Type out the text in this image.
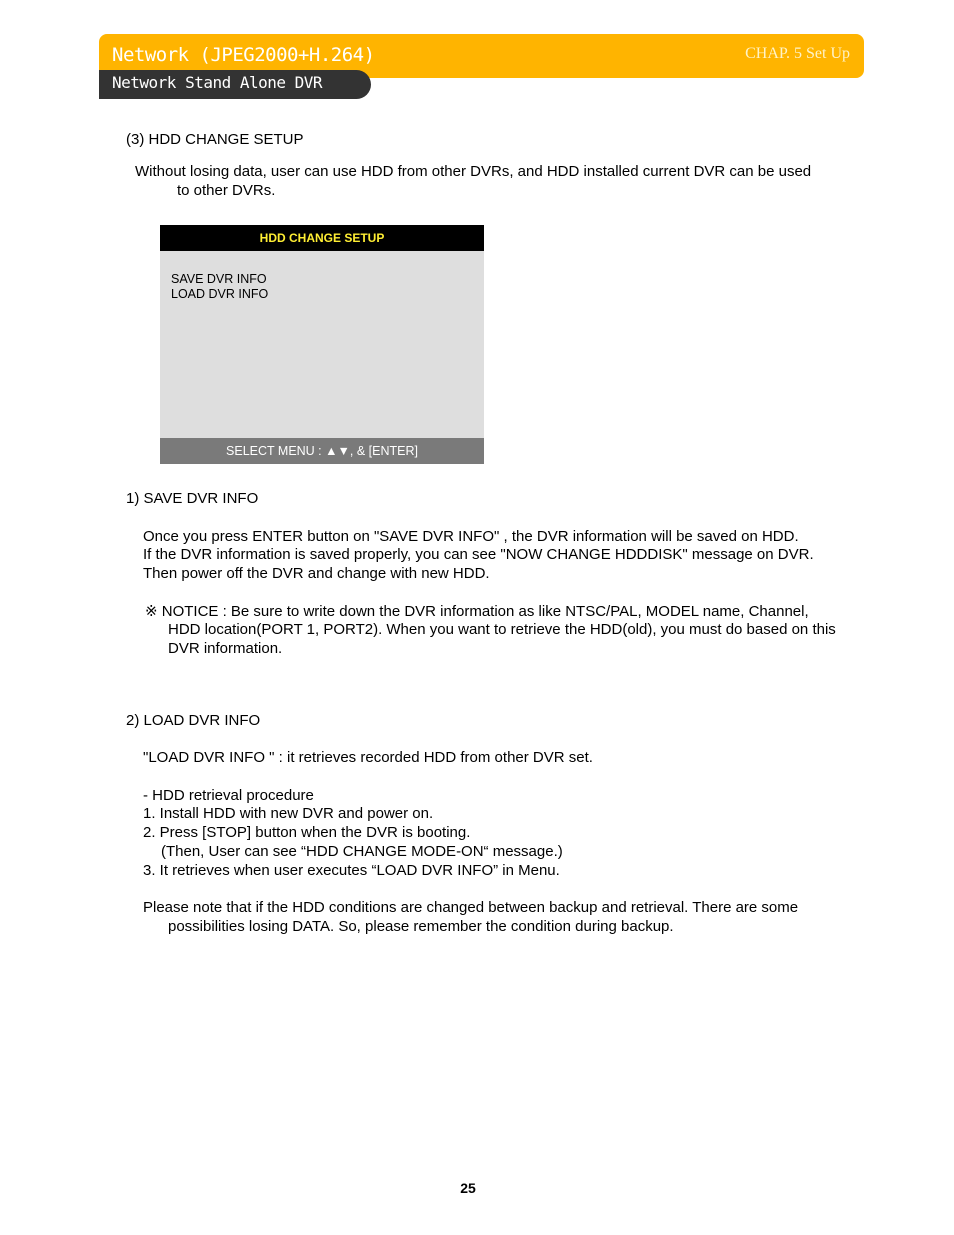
Network (JPEG2000+H.264)	CHAP. 5 Set Up
Network Stand Alone DVR
(3) HDD CHANGE SETUP
Without losing data, user can use HDD from other DVRs, and HDD installed current DVR can be used
to other DVRs.
HDD CHANGE SETUP
SAVE DVR INFO
LOAD DVR INFO
SELECT MENU : ▲▼, & [ENTER]
1) SAVE DVR INFO
Once you press ENTER button on "SAVE DVR INFO" , the DVR information will be saved on HDD.
If the DVR information is saved properly, you can see "NOW CHANGE HDDDISK" message on DVR.
Then power off the DVR and change with new HDD.
※ NOTICE : Be sure to write down the DVR information as like NTSC/PAL, MODEL name, Channel,
HDD location(PORT 1, PORT2). When you want to retrieve the HDD(old), you must do based on this
DVR information.
2) LOAD DVR INFO
"LOAD DVR INFO " : it retrieves recorded HDD from other DVR set.
- HDD retrieval procedure
1. Install HDD with new DVR and power on.
2. Press [STOP] button when the DVR is booting.
(Then, User can see “HDD CHANGE MODE-ON“ message.)
3. It retrieves when user executes “LOAD DVR INFO” in Menu.
Please note that if the HDD conditions are changed between backup and retrieval. There are some
possibilities losing DATA. So, please remember the condition during backup.
25
